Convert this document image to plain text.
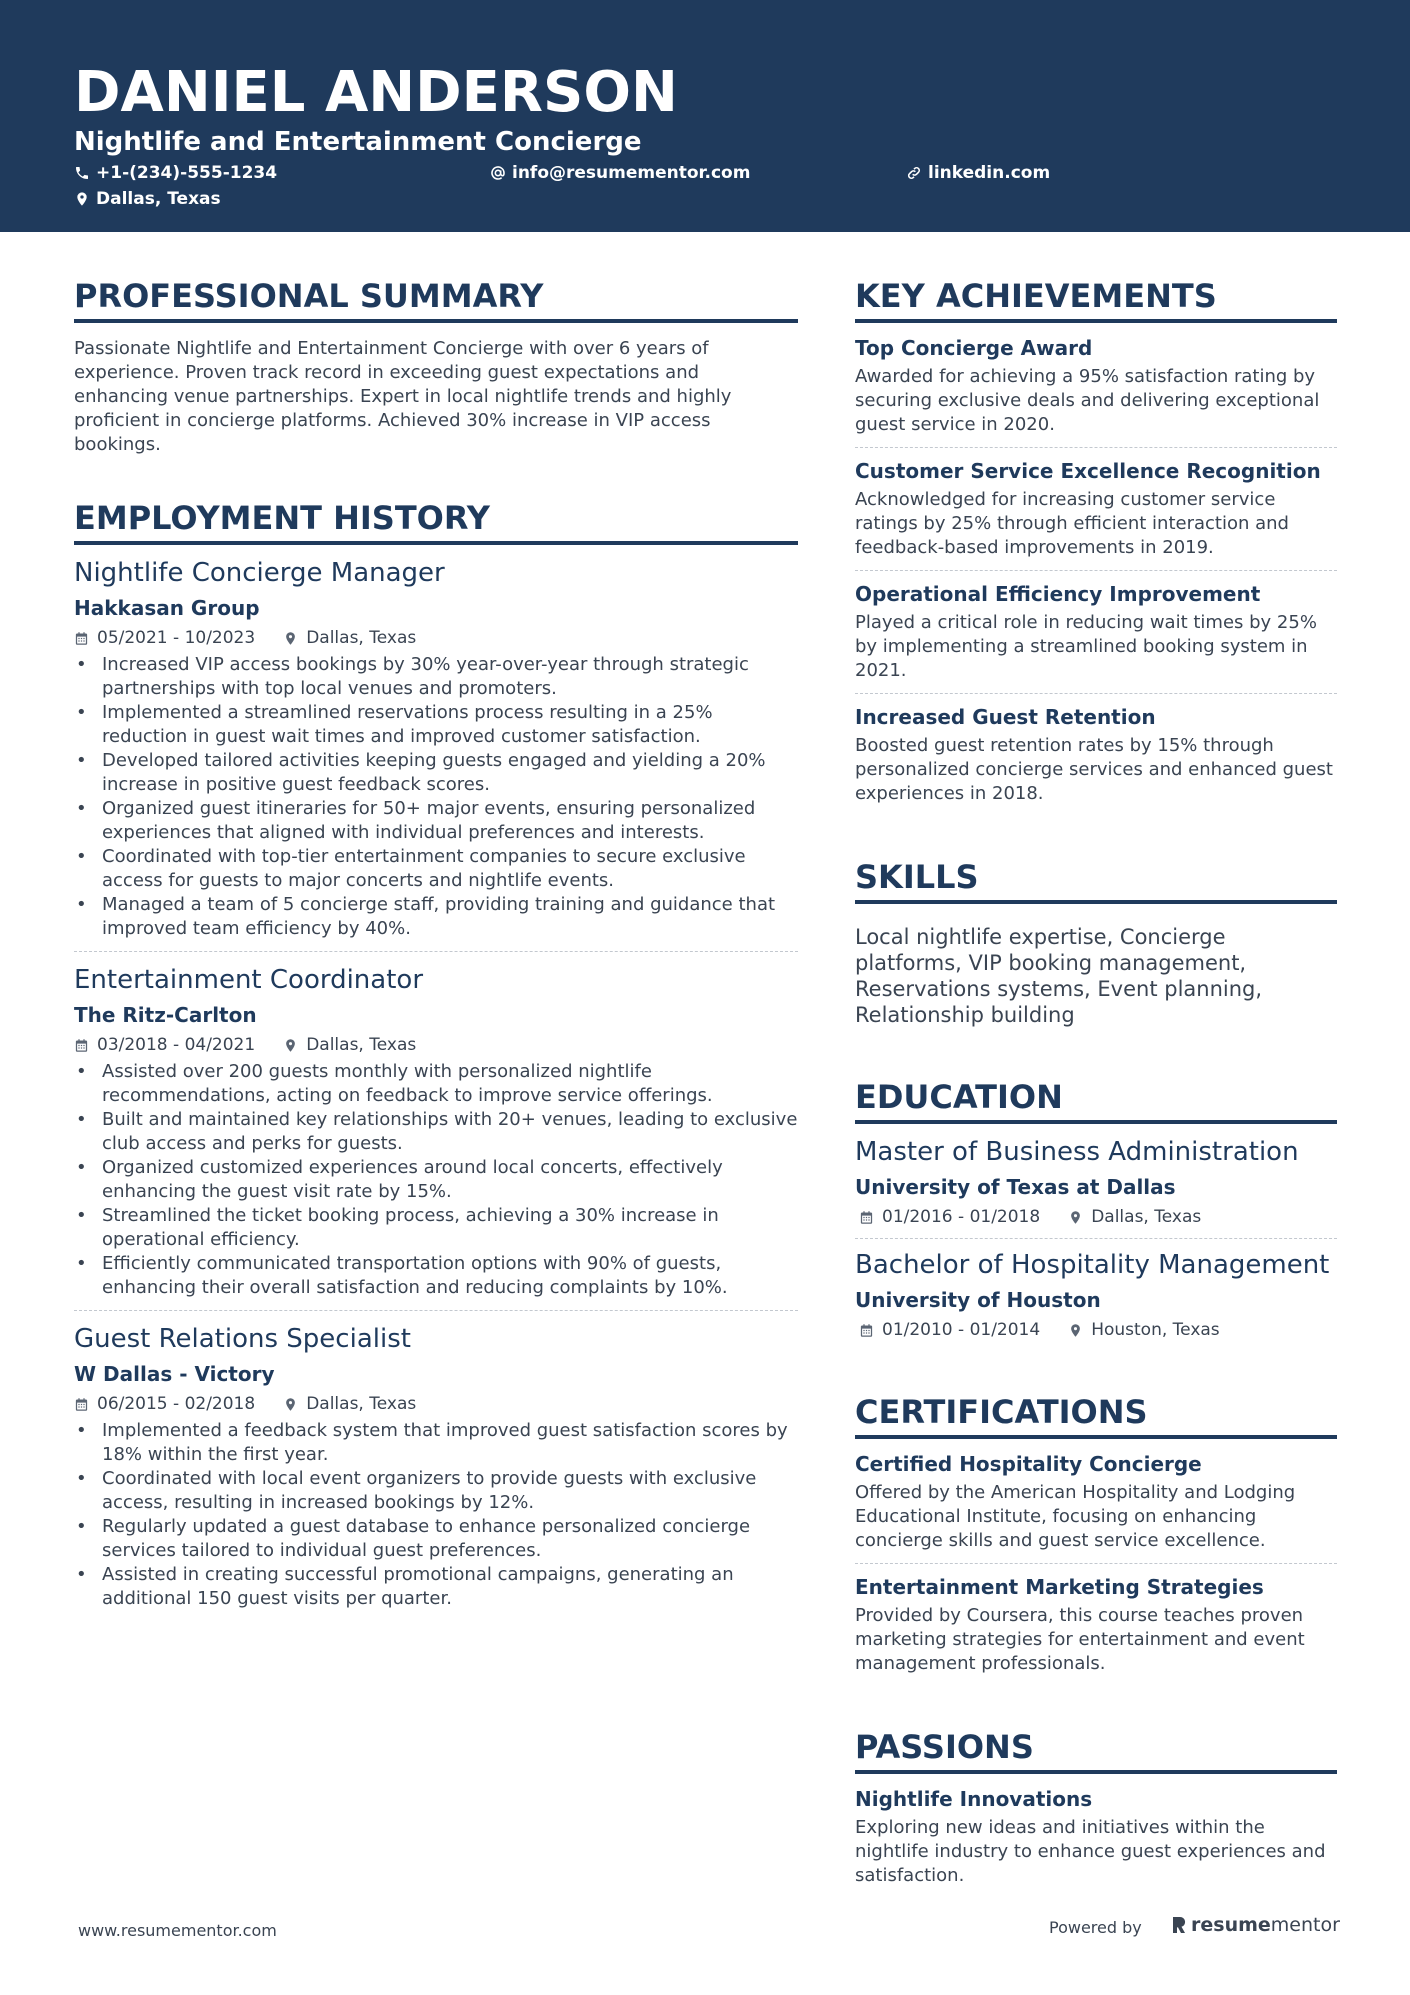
DANIEL ANDERSON
Nightlife and Entertainment Concierge
+1-(234)-555-1234	info@resumementor.com	linkedin.com
Dallas, Texas
PROFESSIONAL SUMMARY
Passionate Nightlife and Entertainment Concierge with over 6 years of experience. Proven track record in exceeding guest expectations and enhancing venue partnerships. Expert in local nightlife trends and highly proficient in concierge platforms. Achieved 30% increase in VIP access bookings.
EMPLOYMENT HISTORY
Nightlife Concierge Manager
Hakkasan Group
05/2021 - 10/2023	Dallas, Texas
• Increased VIP access bookings by 30% year-over-year through strategic partnerships with top local venues and promoters.
• Implemented a streamlined reservations process resulting in a 25% reduction in guest wait times and improved customer satisfaction.
• Developed tailored activities keeping guests engaged and yielding a 20% increase in positive guest feedback scores.
• Organized guest itineraries for 50+ major events, ensuring personalized experiences that aligned with individual preferences and interests.
• Coordinated with top-tier entertainment companies to secure exclusive access for guests to major concerts and nightlife events.
• Managed a team of 5 concierge staff, providing training and guidance that improved team efficiency by 40%.
Entertainment Coordinator
The Ritz-Carlton
03/2018 - 04/2021	Dallas, Texas
• Assisted over 200 guests monthly with personalized nightlife recommendations, acting on feedback to improve service offerings.
• Built and maintained key relationships with 20+ venues, leading to exclusive club access and perks for guests.
• Organized customized experiences around local concerts, effectively enhancing the guest visit rate by 15%.
• Streamlined the ticket booking process, achieving a 30% increase in operational efficiency.
• Efficiently communicated transportation options with 90% of guests, enhancing their overall satisfaction and reducing complaints by 10%.
Guest Relations Specialist
W Dallas - Victory
06/2015 - 02/2018	Dallas, Texas
• Implemented a feedback system that improved guest satisfaction scores by 18% within the first year.
• Coordinated with local event organizers to provide guests with exclusive access, resulting in increased bookings by 12%.
• Regularly updated a guest database to enhance personalized concierge services tailored to individual guest preferences.
• Assisted in creating successful promotional campaigns, generating an additional 150 guest visits per quarter.
KEY ACHIEVEMENTS
Top Concierge Award
Awarded for achieving a 95% satisfaction rating by securing exclusive deals and delivering exceptional guest service in 2020.
Customer Service Excellence Recognition
Acknowledged for increasing customer service ratings by 25% through efficient interaction and feedback-based improvements in 2019.
Operational Efficiency Improvement
Played a critical role in reducing wait times by 25% by implementing a streamlined booking system in 2021.
Increased Guest Retention
Boosted guest retention rates by 15% through personalized concierge services and enhanced guest experiences in 2018.
SKILLS
Local nightlife expertise, Concierge platforms, VIP booking management, Reservations systems, Event planning, Relationship building
EDUCATION
Master of Business Administration
University of Texas at Dallas
01/2016 - 01/2018	Dallas, Texas
Bachelor of Hospitality Management
University of Houston
01/2010 - 01/2014	Houston, Texas
CERTIFICATIONS
Certified Hospitality Concierge
Offered by the American Hospitality and Lodging Educational Institute, focusing on enhancing concierge skills and guest service excellence.
Entertainment Marketing Strategies
Provided by Coursera, this course teaches proven marketing strategies for entertainment and event management professionals.
PASSIONS
Nightlife Innovations
Exploring new ideas and initiatives within the nightlife industry to enhance guest experiences and satisfaction.
www.resumementor.com	Powered by	resume mentor
